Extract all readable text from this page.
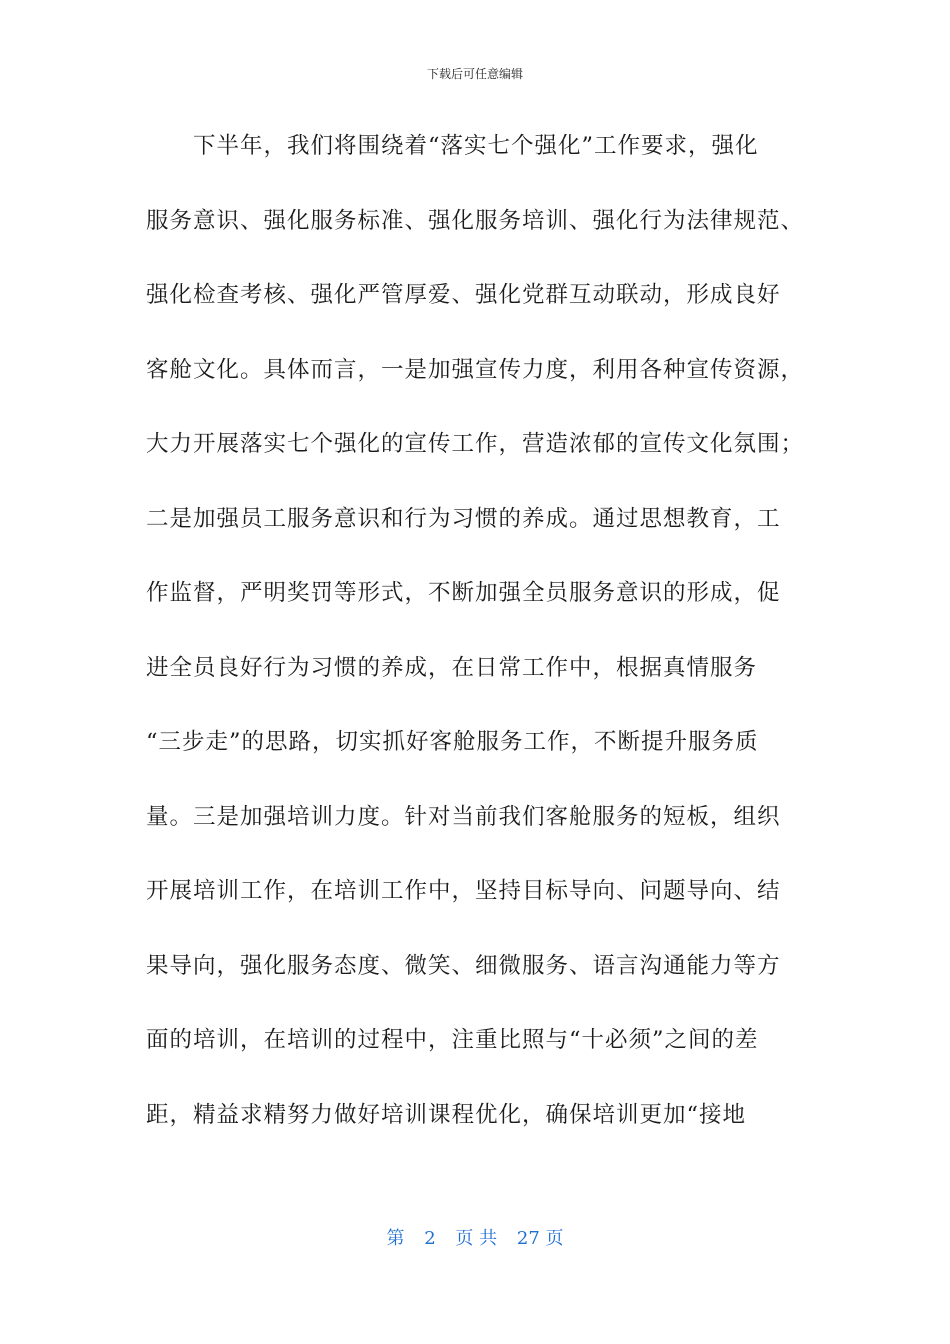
下载后可任意编辑
　　下半年，我们将围绕着“落实七个强化”工作要求，强化
服务意识、强化服务标准、强化服务培训、强化行为法律规范、
强化检查考核、强化严管厚爱、强化党群互动联动，形成良好
客舱文化。具体而言，一是加强宣传力度，利用各种宣传资源，
大力开展落实七个强化的宣传工作，营造浓郁的宣传文化氛围；
二是加强员工服务意识和行为习惯的养成。通过思想教育，工
作监督，严明奖罚等形式，不断加强全员服务意识的形成，促
进全员良好行为习惯的养成，在日常工作中，根据真情服务
“三步走”的思路，切实抓好客舱服务工作，不断提升服务质
量。三是加强培训力度。针对当前我们客舱服务的短板，组织
开展培训工作，在培训工作中，坚持目标导向、问题导向、结
果导向，强化服务态度、微笑、细微服务、语言沟通能力等方
面的培训，在培训的过程中，注重比照与“十必须”之间的差
距，精益求精努力做好培训课程优化，确保培训更加“接地
第 2 页 共 27 页
